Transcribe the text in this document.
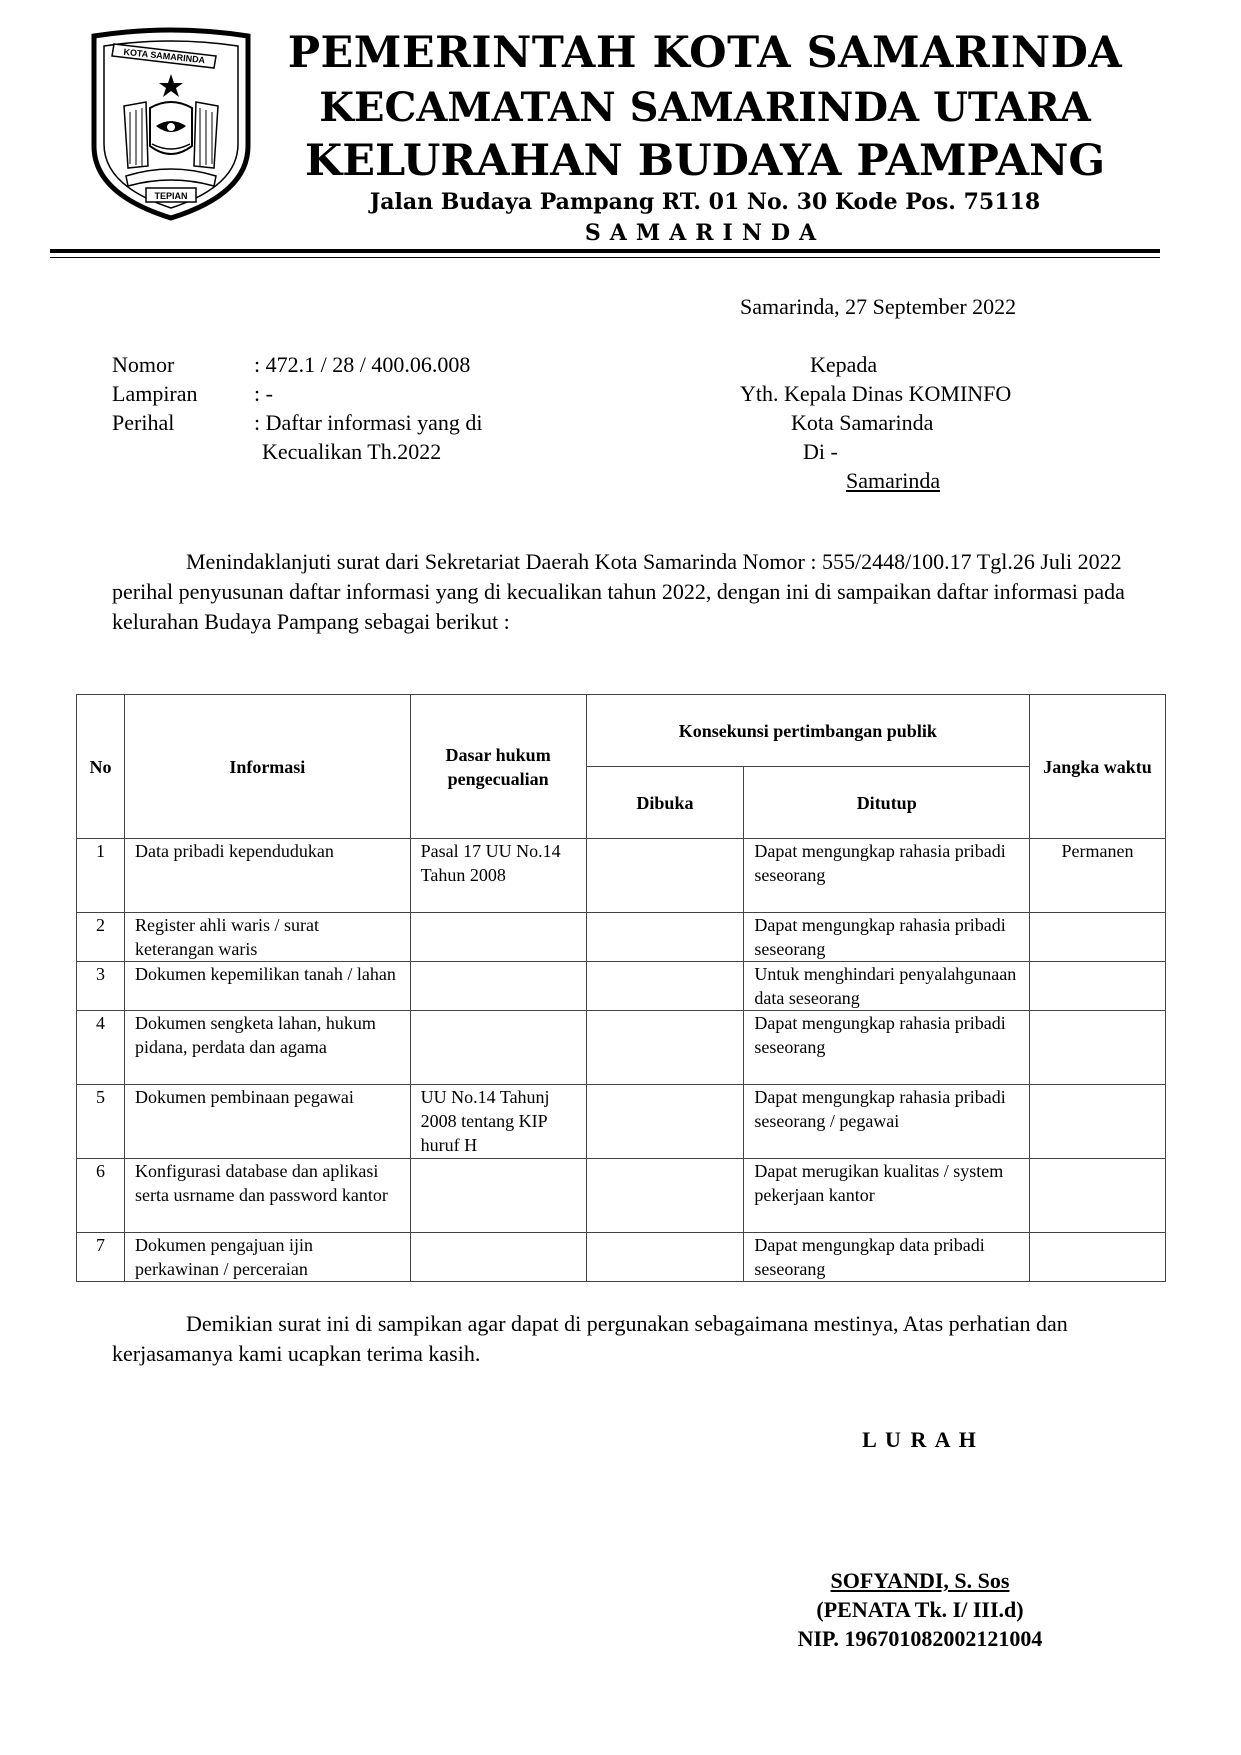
KOTA SAMARINDA
TEPIAN
PEMERINTAH KOTA SAMARINDA
KECAMATAN SAMARINDA UTARA
KELURAHAN BUDAYA PAMPANG
Jalan Budaya Pampang RT. 01 No. 30 Kode Pos. 75118
SAMARINDA
Samarinda, 27 September 2022
Nomor	: 472.1 / 28 / 400.06.008
Lampiran	: -
Perihal	: Daftar informasi yang di
Kecualikan Th.2022
Kepada
Yth. Kepala Dinas KOMINFO
Kota Samarinda
Di -
Samarinda
Menindaklanjuti surat dari Sekretariat Daerah Kota Samarinda Nomor : 555/2448/100.17 Tgl.26 Juli 2022 perihal penyusunan daftar informasi yang di kecualikan tahun 2022, dengan ini di sampaikan daftar informasi pada kelurahan Budaya Pampang sebagai berikut :
No	Informasi	Dasar hukum pengecualian	Konsekunsi pertimbangan publik		Jangka waktu
			Dibuka	Ditutup	
1	Data pribadi kependudukan	Pasal 17 UU No.14 Tahun 2008		Dapat mengungkap rahasia pribadi seseorang	Permanen
2	Register ahli waris / surat keterangan waris			Dapat mengungkap rahasia pribadi seseorang	
3	Dokumen kepemilikan tanah / lahan			Untuk menghindari penyalahgunaan data seseorang	
4	Dokumen sengketa lahan, hukum pidana, perdata dan agama			Dapat mengungkap rahasia pribadi seseorang	
5	Dokumen pembinaan pegawai	UU No.14 Tahunj 2008 tentang KIP huruf H		Dapat mengungkap rahasia pribadi seseorang / pegawai	
6	Konfigurasi database dan aplikasi serta usrname dan password kantor			Dapat merugikan kualitas / system pekerjaan kantor	
7	Dokumen pengajuan ijin perkawinan / perceraian			Dapat mengungkap data pribadi seseorang	
Demikian surat ini di sampikan agar dapat di pergunakan sebagaimana mestinya, Atas perhatian dan kerjasamanya kami ucapkan terima kasih.
L U R A H
SOFYANDI, S. Sos
(PENATA Tk. I/ III.d)
NIP. 196701082002121004
